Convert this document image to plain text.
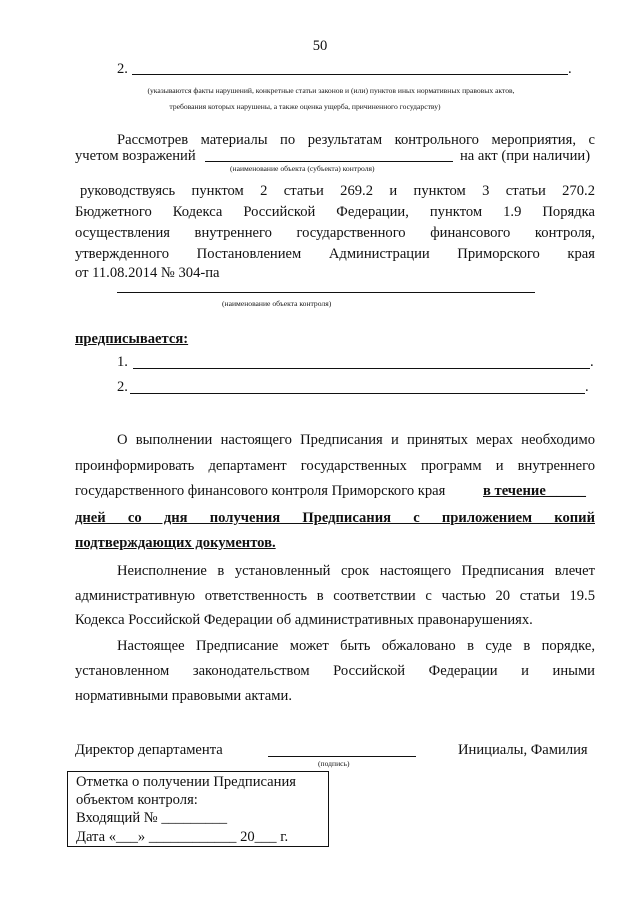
50
2.	.
(указываются факты нарушений, конкретные статьи законов и (или) пунктов иных нормативных правовых актов,
требования которых нарушены, а также оценка ущерба, причиненного государству)
Рассмотрев материалы по результатам контрольного мероприятия, с
учетом возражений	на акт (при наличии)
(наименование объекта (субъекта) контроля)
руководствуясь пунктом 2 статьи 269.2 и пунктом 3 статьи 270.2
Бюджетного Кодекса Российской Федерации, пунктом 1.9 Порядка
осуществления внутреннего государственного финансового контроля,
утвержденного Постановлением Администрации Приморского края
от 11.08.2014 № 304-па
(наименование объекта контроля)
предписывается:
1.	.
2.	.
О выполнении настоящего Предписания и принятых мерах необходимо
проинформировать департамент государственных программ и внутреннего
государственного финансового контроля Приморского края	в течение _____
дней со дня получения Предписания с приложением копий
подтверждающих документов.
Неисполнение в установленный срок настоящего Предписания влечет
административную ответственность в соответствии с частью 20 статьи 19.5
Кодекса Российской Федерации об административных правонарушениях.
Настоящее Предписание может быть обжаловано в суде в порядке,
установленном законодательством Российской Федерации и иными
нормативными правовыми актами.
Директор департамента
(подпись)
Инициалы, Фамилия
Отметка о получении Предписания
объектом контроля:
Входящий № _________
Дата «___» ____________ 20___ г.
